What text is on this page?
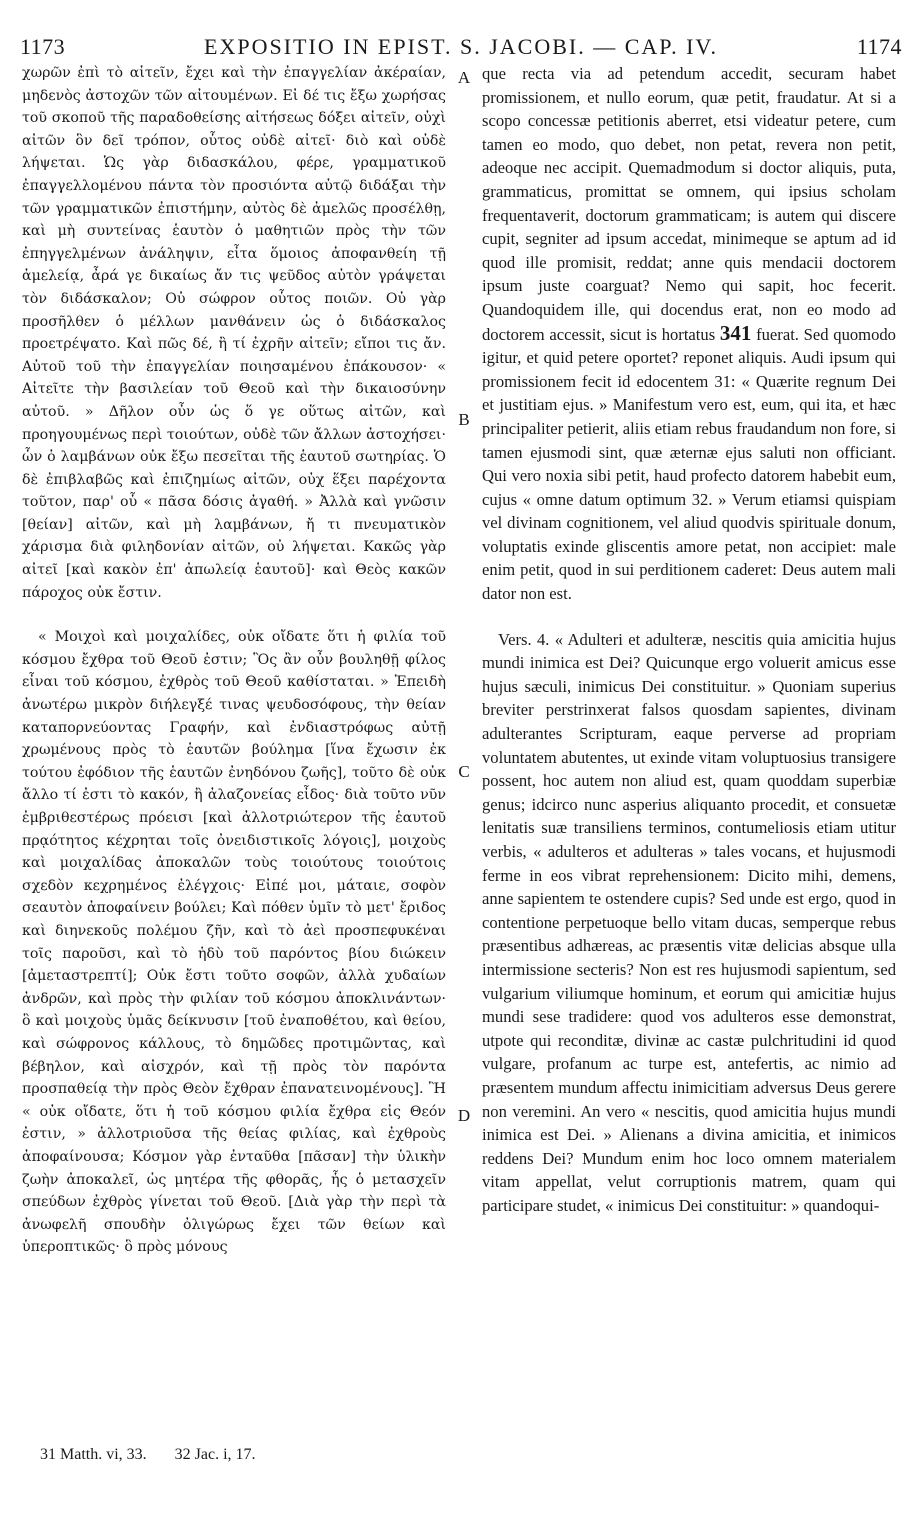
1173	EXPOSITIO IN EPIST. S. JACOBI. — CAP. IV.	1174

χωρῶν ἐπὶ τὸ αἰτεῖν, ἔχει καὶ τὴν ἐπαγγελίαν ἀκέραίαν, μηδενὸς ἀστοχῶν τῶν αἰτουμένων. Εἰ δέ τις ἔξω χωρήσας τοῦ σκοποῦ τῆς παραδοθείσης αἰτήσεως δόξει αἰτεῖν, οὐχὶ αἰτῶν ὃν δεῖ τρόπον, οὗτος οὐδὲ αἰτεῖ· διὸ καὶ οὐδὲ λήψεται. Ὡς γὰρ διδασκάλου, φέρε, γραμματικοῦ ἐπαγγελλομένου πάντα τὸν προσιόντα αὐτῷ διδάξαι τὴν τῶν γραμματικῶν ἐπιστήμην, αὐτὸς δὲ ἀμελῶς προσέλθῃ, καὶ μὴ συντείνας ἑαυτὸν ὁ μαθητιῶν πρὸς τὴν τῶν ἐπηγγελμένων ἀνάληψιν, εἶτα ὅμοιος ἀποφανθείη τῇ ἀμελείᾳ, ἆρά γε δικαίως ἄν τις ψεῦδος αὐτὸν γράψεται τὸν διδάσκαλον; Οὐ σώφρον οὗτος ποιῶν. Οὐ γὰρ προσῆλθεν ὁ μέλλων μανθάνειν ὡς ὁ διδάσκαλος προετρέψατο. Καὶ πῶς δέ, ἢ τί ἐχρῆν αἰτεῖν; εἴποι τις ἄν. Αὐτοῦ τοῦ τὴν ἐπαγγελίαν ποιησαμένου ἐπάκουσον· « Αἰτεῖτε τὴν βασιλείαν τοῦ Θεοῦ καὶ τὴν δικαιοσύνην αὐτοῦ. » Δῆλον οὖν ὡς ὅ γε οὕτως αἰτῶν, καὶ προηγουμένως περὶ τοιούτων, οὐδὲ τῶν ἄλλων ἀστοχήσει· ὧν ὁ λαμβάνων οὐκ ἔξω πεσεῖται τῆς ἑαυτοῦ σωτηρίας. Ὁ δὲ ἐπιβλαβῶς καὶ ἐπιζημίως αἰτῶν, οὐχ ἕξει παρέχοντα τοῦτον, παρ' οὗ « πᾶσα δόσις ἀγαθή. » Ἀλλὰ καὶ γνῶσιν [θείαν] αἰτῶν, καὶ μὴ λαμβάνων, ἤ τι πνευματικὸν χάρισμα διὰ φιληδονίαν αἰτῶν, οὐ λήψεται. Κακῶς γὰρ αἰτεῖ [καὶ κακὸν ἐπ' ἀπωλείᾳ ἑαυτοῦ]· καὶ Θεὸς κακῶν πάροχος οὐκ ἔστιν.

« Μοιχοὶ καὶ μοιχαλίδες, οὐκ οἴδατε ὅτι ἡ φιλία τοῦ κόσμου ἔχθρα τοῦ Θεοῦ ἐστιν; Ὃς ἂν οὖν βουληθῇ φίλος εἶναι τοῦ κόσμου, ἐχθρὸς τοῦ Θεοῦ καθίσταται. » Ἐπειδὴ ἀνωτέρω μικρὸν διήλεγξέ τινας ψευδοσόφους, τὴν θείαν καταπορνεύοντας Γραφήν, καὶ ἐνδιαστρόφως αὐτῇ χρωμένους πρὸς τὸ ἑαυτῶν βούλημα [ἵνα ἔχωσιν ἐκ τούτου ἐφόδιον τῆς ἑαυτῶν ἐνηδόνου ζωῆς], τοῦτο δὲ οὐκ ἄλλο τί ἐστι τὸ κακόν, ἢ ἀλαζονείας εἶδος· διὰ τοῦτο νῦν ἐμβριθεστέρως πρόεισι [καὶ ἀλλοτριώτερον τῆς ἑαυτοῦ πρᾳότητος κέχρηται τοῖς ὀνειδιστικοῖς λόγοις], μοιχοὺς καὶ μοιχαλίδας ἀποκαλῶν τοὺς τοιούτους τοιούτοις σχεδὸν κεχρημένος ἐλέγχοις· Εἰπέ μοι, μάταιε, σοφὸν σεαυτὸν ἀποφαίνειν βούλει; Καὶ πόθεν ὑμῖν τὸ μετ' ἔριδος καὶ διηνεκοῦς πολέμου ζῆν, καὶ τὸ ἀεὶ προσπεφυκέναι τοῖς παροῦσι, καὶ τὸ ἡδὺ τοῦ παρόντος βίου διώκειν [ἀμεταστρεπτί]; Οὐκ ἔστι τοῦτο σοφῶν, ἀλλὰ χυδαίων ἀνδρῶν, καὶ πρὸς τὴν φιλίαν τοῦ κόσμου ἀποκλινάντων· ὃ καὶ μοιχοὺς ὑμᾶς δείκνυσιν [τοῦ ἐναποθέτου, καὶ θείου, καὶ σώφρονος κάλλους, τὸ δημῶδες προτιμῶντας, καὶ βέβηλον, καὶ αἰσχρόν, καὶ τῇ πρὸς τὸν παρόντα προσπαθείᾳ τὴν πρὸς Θεὸν ἔχθραν ἐπανατεινομένους]. Ἢ « οὐκ οἴδατε, ὅτι ἡ τοῦ κόσμου φιλία ἔχθρα εἰς Θεόν ἐστιν, » ἀλλοτριοῦσα τῆς θείας φιλίας, καὶ ἐχθροὺς ἀποφαίνουσα; Κόσμον γὰρ ἐνταῦθα [πᾶσαν] τὴν ὑλικὴν ζωὴν ἀποκαλεῖ, ὡς μητέρα τῆς φθορᾶς, ἧς ὁ μετασχεῖν σπεύδων ἐχθρὸς γίνεται τοῦ Θεοῦ. [Διὰ γὰρ τὴν περὶ τὰ ἀνωφελῆ σπουδὴν ὀλιγώρως ἔχει τῶν θείων καὶ ὑπεροπτικῶς· ὃ πρὸς μόνους

A
B
C
D

que recta via ad petendum accedit, securam habet promissionem, et nullo eorum, quæ petit, fraudatur. At si a scopo concessæ petitionis aberret, etsi videatur petere, cum tamen eo modo, quo debet, non petat, revera non petit, adeoque nec accipit. Quemadmodum si doctor aliquis, puta, grammaticus, promittat se omnem, qui ipsius scholam frequentaverit, doctorum grammaticam; is autem qui discere cupit, segniter ad ipsum accedat, minimeque se aptum ad id quod ille promisit, reddat; anne quis mendacii doctorem ipsum juste coarguat? Nemo qui sapit, hoc fecerit. Quandoquidem ille, qui docendus erat, non eo modo ad doctorem accessit, sicut is hortatus 341 fuerat. Sed quomodo igitur, et quid petere oportet? reponet aliquis. Audi ipsum qui promissionem fecit id edocentem 31: « Quærite regnum Dei et justitiam ejus. » Manifestum vero est, eum, qui ita, et hæc principaliter petierit, aliis etiam rebus fraudandum non fore, si tamen ejusmodi sint, quæ æternæ ejus saluti non officiant. Qui vero noxia sibi petit, haud profecto datorem habebit eum, cujus « omne datum optimum 32. » Verum etiamsi quispiam vel divinam cognitionem, vel aliud quodvis spirituale donum, voluptatis exinde gliscentis amore petat, non accipiet: male enim petit, quod in sui perditionem caderet: Deus autem mali dator non est.

Vers. 4. « Adulteri et adulteræ, nescitis quia amicitia hujus mundi inimica est Dei? Quicunque ergo voluerit amicus esse hujus sæculi, inimicus Dei constituitur. » Quoniam superius breviter perstrinxerat falsos quosdam sapientes, divinam adulterantes Scripturam, eaque perverse ad propriam voluntatem abutentes, ut exinde vitam voluptuosius transigere possent, hoc autem non aliud est, quam quoddam superbiæ genus; idcirco nunc asperius aliquanto procedit, et consuetæ lenitatis suæ transiliens terminos, contumeliosis etiam utitur verbis, « adulteros et adulteras » tales vocans, et hujusmodi ferme in eos vibrat reprehensionem: Dicito mihi, demens, anne sapientem te ostendere cupis? Sed unde est ergo, quod in contentione perpetuoque bello vitam ducas, semperque rebus præsentibus adhæreas, ac præsentis vitæ delicias absque ulla intermissione secteris? Non est res hujusmodi sapientum, sed vulgarium viliumque hominum, et eorum qui amicitiæ hujus mundi sese tradidere: quod vos adulteros esse demonstrat, utpote qui reconditæ, divinæ ac castæ pulchritudini id quod vulgare, profanum ac turpe est, antefertis, ac nimio ad præsentem mundum affectu inimicitiam adversus Deus gerere non veremini. An vero « nescitis, quod amicitia hujus mundi inimica est Dei. » Alienans a divina amicitia, et inimicos reddens Dei? Mundum enim hoc loco omnem materialem vitam appellat, velut corruptionis matrem, quam qui participare studet, « inimicus Dei constituitur: » quandoqui-

31 Matth. vi, 33. 32 Jac. i, 17.
